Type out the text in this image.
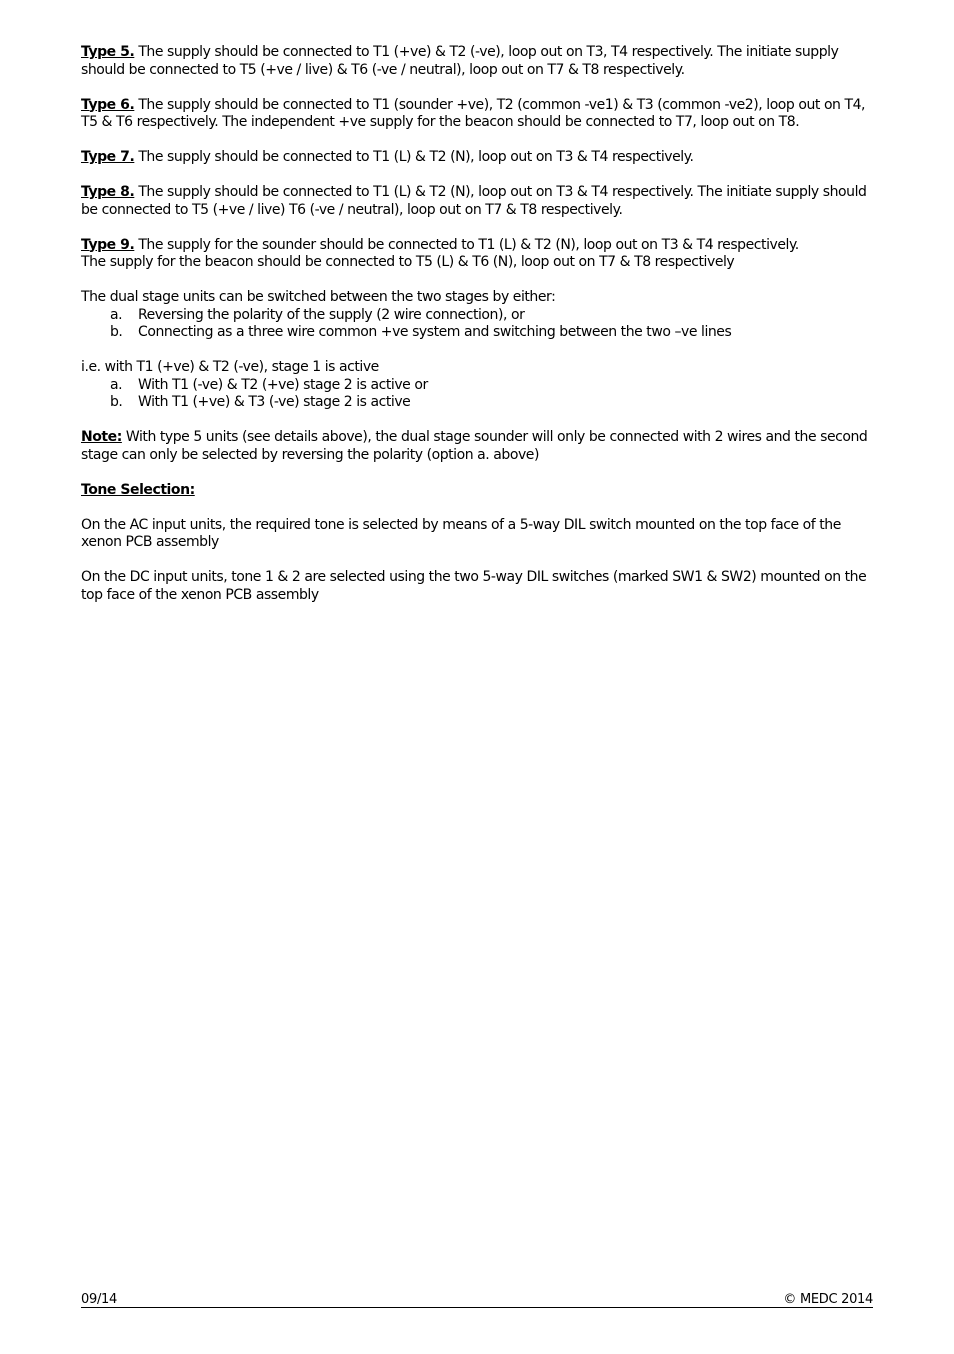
Type 5. The supply should be connected to T1 (+ve) & T2 (-ve), loop out on T3, T4 respectively. The initiate supply should be connected to T5 (+ve / live) & T6 (-ve / neutral), loop out on T7 & T8 respectively.

Type 6. The supply should be connected to T1 (sounder +ve), T2 (common -ve1) & T3 (common -ve2), loop out on T4, T5 & T6 respectively. The independent +ve supply for the beacon should be connected to T7, loop out on T8.

Type 7. The supply should be connected to T1 (L) & T2 (N), loop out on T3 & T4 respectively.

Type 8. The supply should be connected to T1 (L) & T2 (N), loop out on T3 & T4 respectively. The initiate supply should be connected to T5 (+ve / live) T6 (-ve / neutral), loop out on T7 & T8 respectively.

Type 9. The supply for the sounder should be connected to T1 (L) & T2 (N), loop out on T3 & T4 respectively.
The supply for the beacon should be connected to T5 (L) & T6 (N), loop out on T7 & T8 respectively

The dual stage units can be switched between the two stages by either:

a. Reversing the polarity of the supply (2 wire connection), or
b. Connecting as a three wire common +ve system and switching between the two –ve lines

i.e. with T1 (+ve) & T2 (-ve), stage 1 is active

a. With T1 (-ve) & T2 (+ve) stage 2 is active or
b. With T1 (+ve) & T3 (-ve) stage 2 is active

Note: With type 5 units (see details above), the dual stage sounder will only be connected with 2 wires and the second stage can only be selected by reversing the polarity (option a. above)

Tone Selection:

On the AC input units, the required tone is selected by means of a 5-way DIL switch mounted on the top face of the xenon PCB assembly

On the DC input units, tone 1 & 2 are selected using the two 5-way DIL switches (marked SW1 & SW2) mounted on the top face of the xenon PCB assembly

09/14	© MEDC 2014
